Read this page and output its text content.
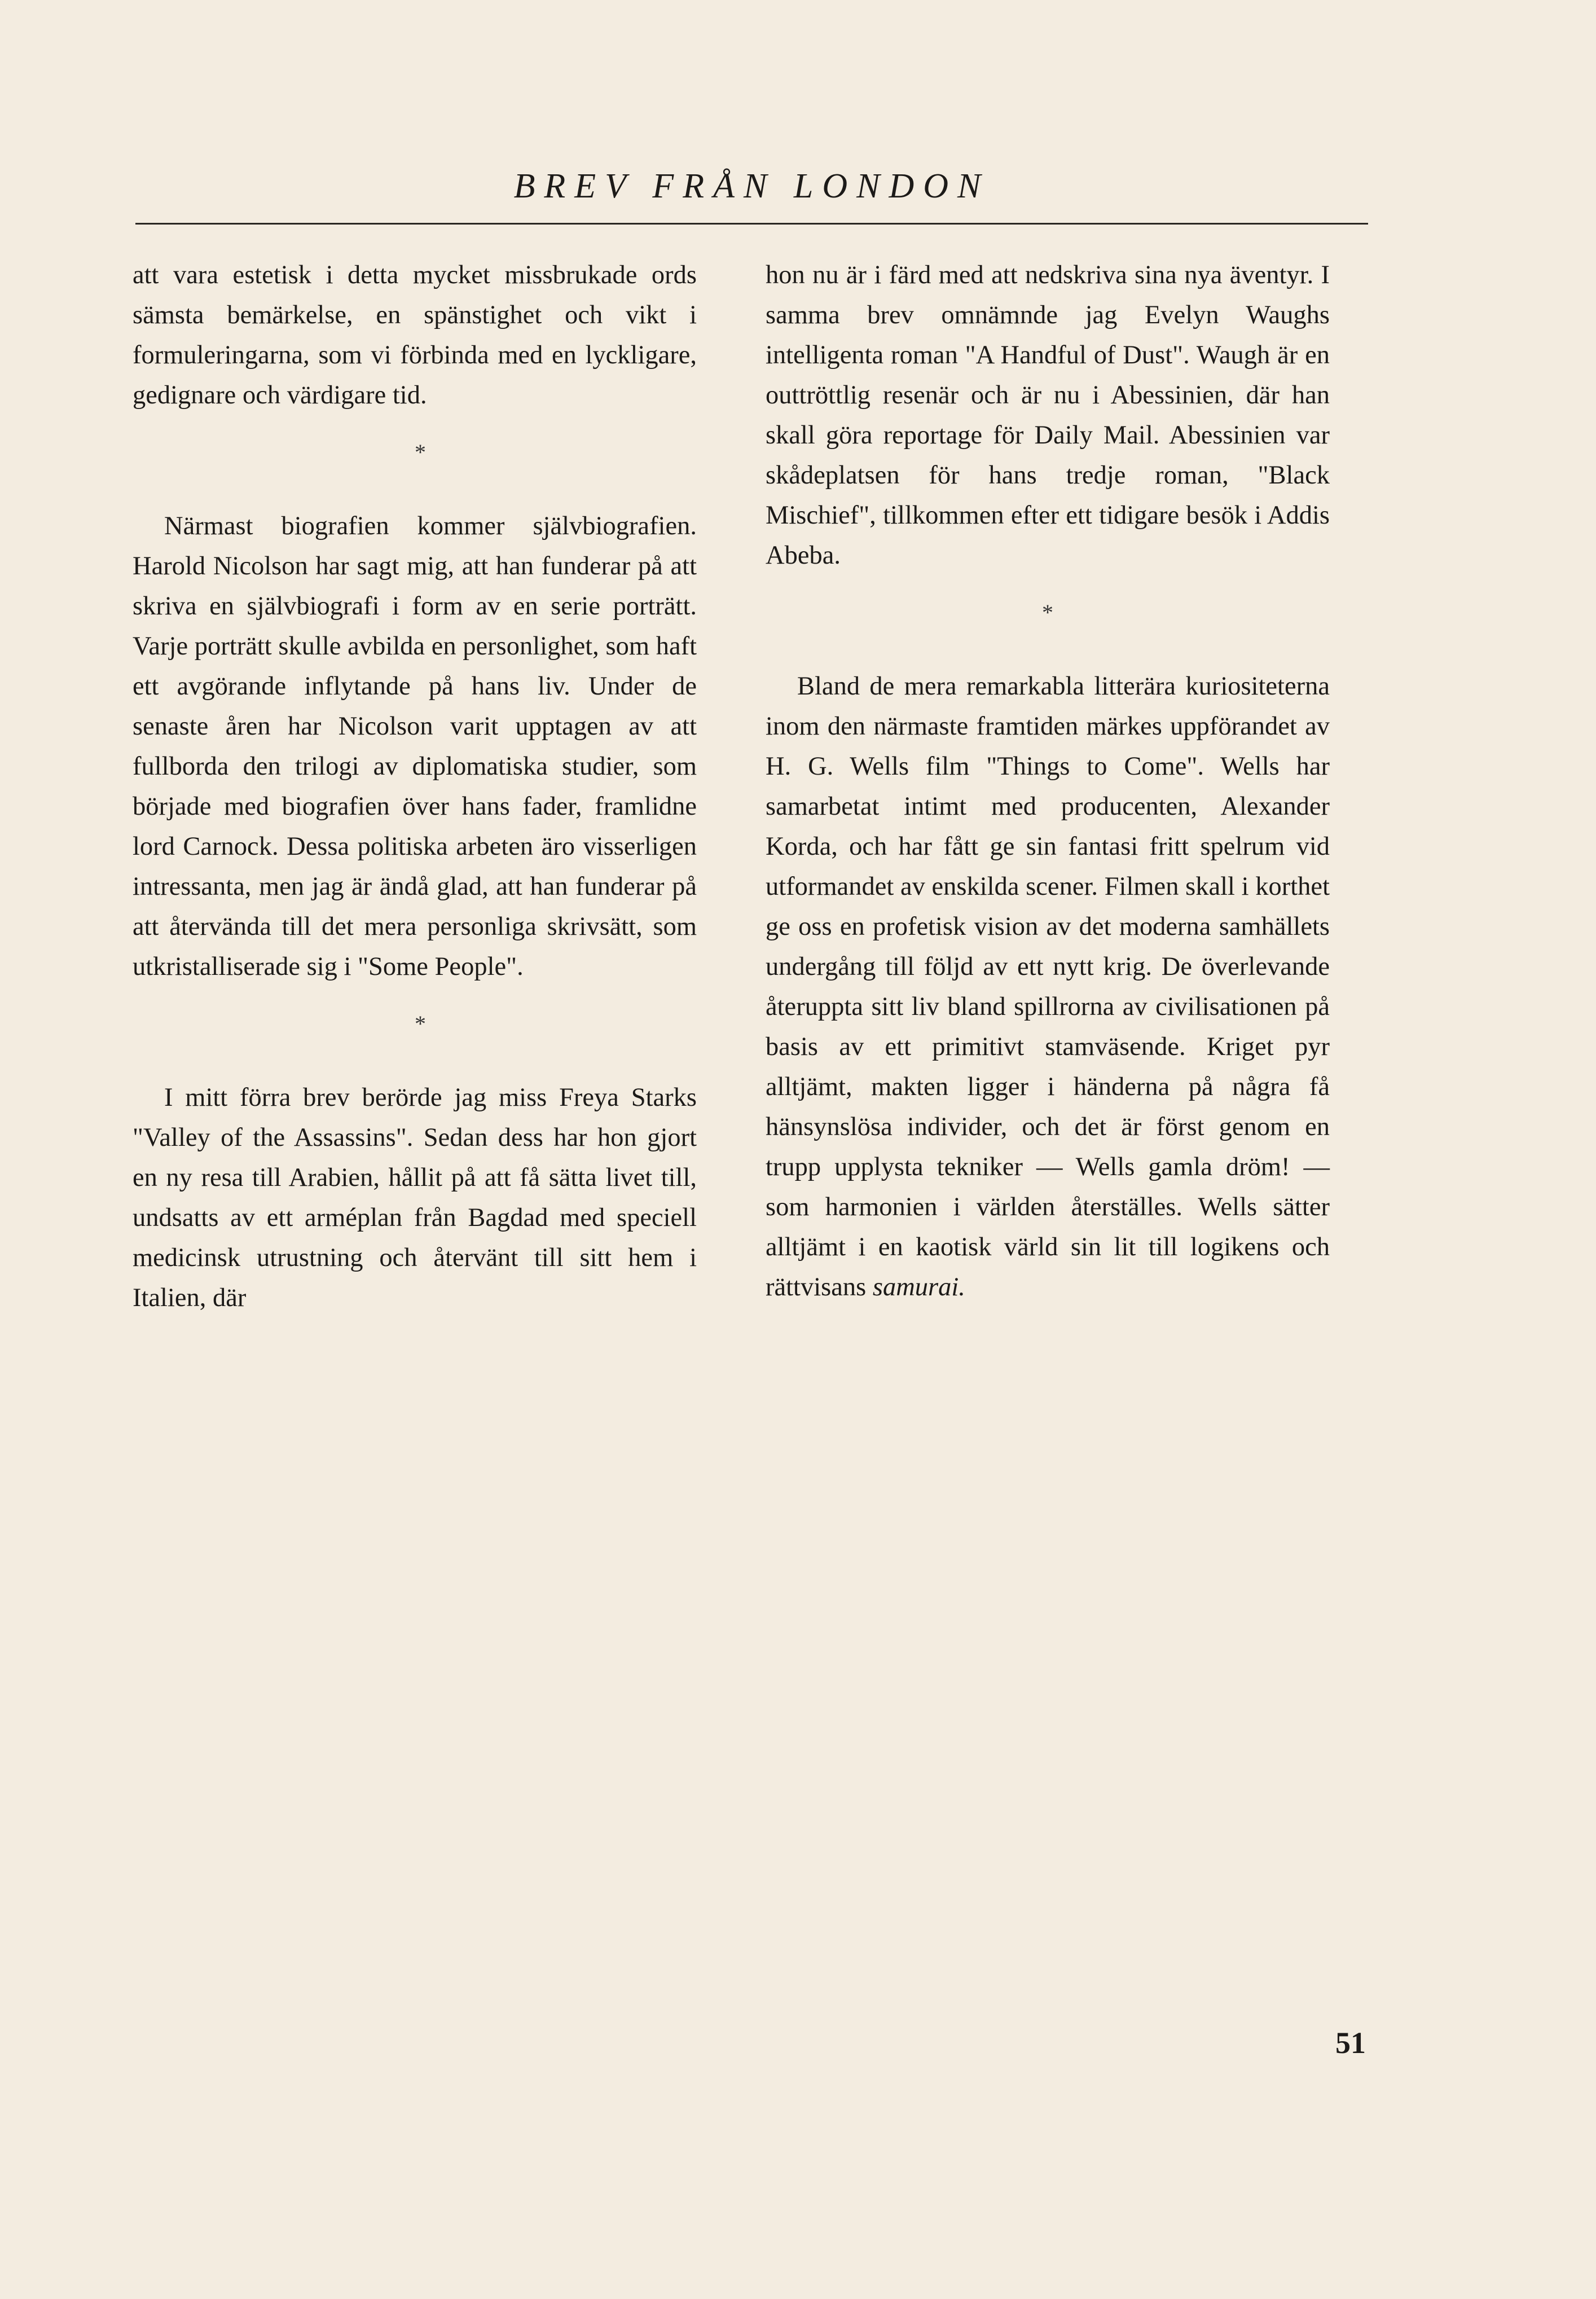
BREV FRÅN LONDON

att vara estetisk i detta mycket missbrukade ords sämsta bemärkelse, en spänstighet och vikt i formuleringarna, som vi förbinda med en lyckligare, gedignare och värdigare tid.

*

Närmast biografien kommer självbiografien. Harold Nicolson har sagt mig, att han funderar på att skriva en självbiografi i form av en serie porträtt. Varje porträtt skulle avbilda en personlighet, som haft ett avgörande inflytande på hans liv. Under de senaste åren har Nicolson varit upptagen av att fullborda den trilogi av diplomatiska studier, som började med biografien över hans fader, framlidne lord Carnock. Dessa politiska arbeten äro visserligen intressanta, men jag är ändå glad, att han funderar på att återvända till det mera personliga skrivsätt, som utkristalliserade sig i "Some People".

*

I mitt förra brev berörde jag miss Freya Starks "Valley of the Assassins". Sedan dess har hon gjort en ny resa till Arabien, hållit på att få sätta livet till, undsatts av ett arméplan från Bagdad med speciell medicinsk utrustning och återvänt till sitt hem i Italien, där

hon nu är i färd med att nedskriva sina nya äventyr. I samma brev omnämnde jag Evelyn Waughs intelligenta roman "A Handful of Dust". Waugh är en outtröttlig resenär och är nu i Abessinien, där han skall göra reportage för Daily Mail. Abessinien var skådeplatsen för hans tredje roman, "Black Mischief", tillkommen efter ett tidigare besök i Addis Abeba.

*

Bland de mera remarkabla litterära kuriositeterna inom den närmaste framtiden märkes uppförandet av H. G. Wells film "Things to Come". Wells har samarbetat intimt med producenten, Alexander Korda, och har fått ge sin fantasi fritt spelrum vid utformandet av enskilda scener. Filmen skall i korthet ge oss en profetisk vision av det moderna samhällets undergång till följd av ett nytt krig. De överlevande återuppta sitt liv bland spillrorna av civilisationen på basis av ett primitivt stamväsende. Kriget pyr alltjämt, makten ligger i händerna på några få hänsynslösa individer, och det är först genom en trupp upplysta tekniker — Wells gamla dröm! — som harmonien i världen återställes. Wells sätter alltjämt i en kaotisk värld sin lit till logikens och rättvisans samurai.

51
